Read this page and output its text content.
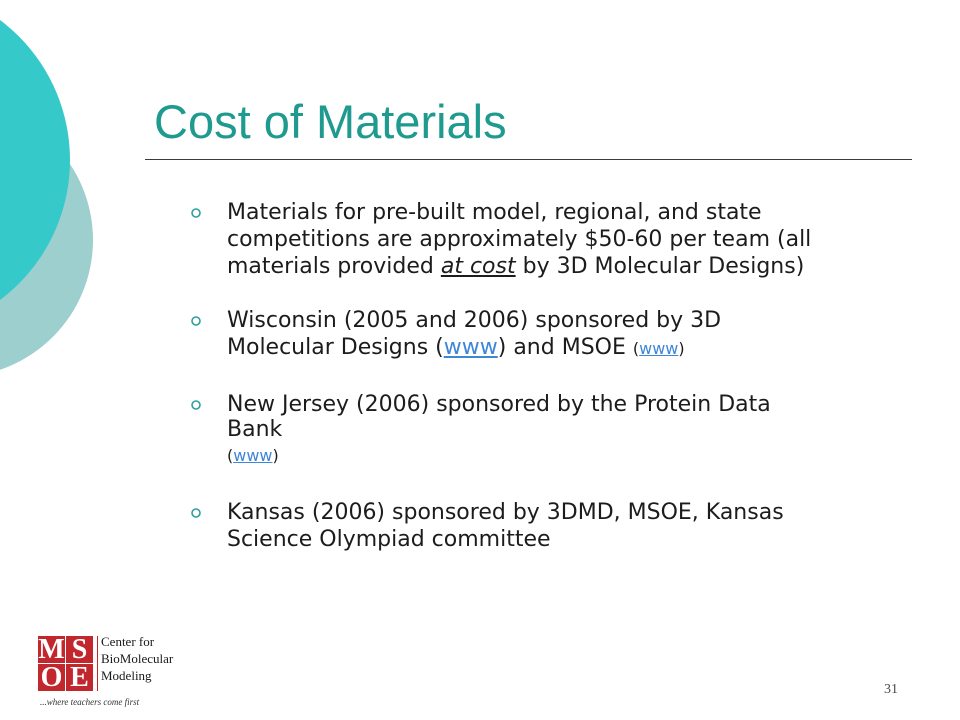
Cost of Materials
Materials for pre-built model, regional, and state
competitions are approximately $50-60 per team (all
materials provided at cost by 3D Molecular Designs)
Wisconsin (2005 and 2006) sponsored by 3D
Molecular Designs (www) and MSOE (www)
New Jersey (2006) sponsored by the Protein Data
Bank
(www)
Kansas (2006) sponsored by 3DMD, MSOE, Kansas
Science Olympiad committee
M S
O E
Center for
BioMolecular
Modeling
...where teachers come first
31
